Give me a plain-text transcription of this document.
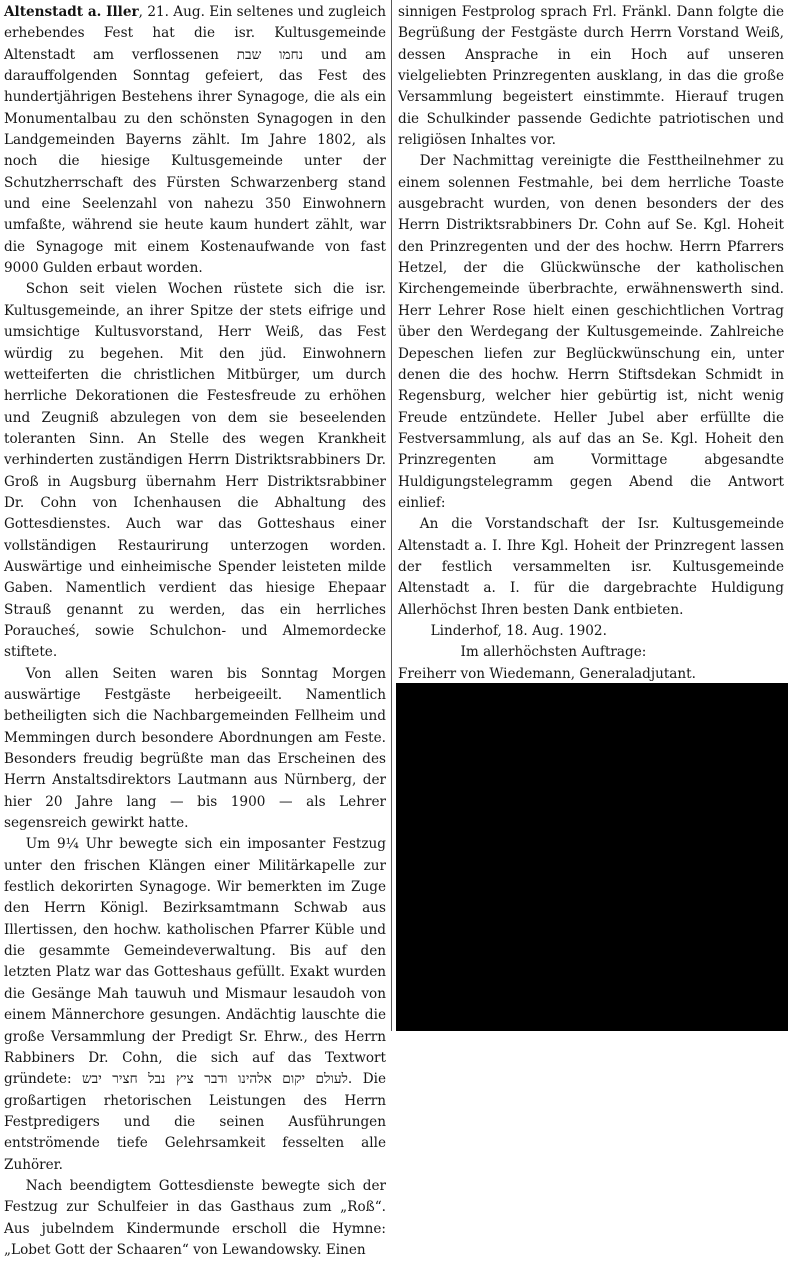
Altenstadt a. Iller, 21. Aug. Ein seltenes und zugleich erhebendes Fest hat die isr. Kultusgemeinde Altenstadt am verflossenen נחמו שבת und am darauffolgenden Sonntag gefeiert, das Fest des hundertjährigen Bestehens ihrer Synagoge, die als ein Monumentalbau zu den schönsten Synagogen in den Landgemeinden Bayerns zählt. Im Jahre 1802, als noch die hiesige Kultusgemeinde unter der Schutzherrschaft des Fürsten Schwarzenberg stand und eine Seelenzahl von nahezu 350 Einwohnern umfaßte, während sie heute kaum hundert zählt, war die Synagoge mit einem Kostenaufwande von fast 9000 Gulden erbaut worden.

Schon seit vielen Wochen rüstete sich die isr. Kultusgemeinde, an ihrer Spitze der stets eifrige und umsichtige Kultusvorstand, Herr Weiß, das Fest würdig zu begehen. Mit den jüd. Einwohnern wetteiferten die christlichen Mitbürger, um durch herrliche Dekorationen die Festesfreude zu erhöhen und Zeugniß abzulegen von dem sie beseelenden toleranten Sinn. An Stelle des wegen Krankheit verhinderten zuständigen Herrn Distriktsrabbiners Dr. Groß in Augsburg übernahm Herr Distriktsrabbiner Dr. Cohn von Ichenhausen die Abhaltung des Gottesdienstes. Auch war das Gotteshaus einer vollständigen Restaurirung unterzogen worden. Auswärtige und einheimische Spender leisteten milde Gaben. Namentlich verdient das hiesige Ehepaar Strauß genannt zu werden, das ein herrliches Poraucheś, sowie Schulchon- und Almemordecke stiftete.

Von allen Seiten waren bis Sonntag Morgen auswärtige Festgäste herbeigeeilt. Namentlich betheiligten sich die Nachbargemeinden Fellheim und Memmingen durch besondere Abordnungen am Feste. Besonders freudig begrüßte man das Erscheinen des Herrn Anstaltsdirektors Lautmann aus Nürnberg, der hier 20 Jahre lang — bis 1900 — als Lehrer segensreich gewirkt hatte.

Um 9¼ Uhr bewegte sich ein imposanter Festzug unter den frischen Klängen einer Militärkapelle zur festlich dekorirten Synagoge. Wir bemerkten im Zuge den Herrn Königl. Bezirksamtmann Schwab aus Illertissen, den hochw. katholischen Pfarrer Küble und die gesammte Gemeindeverwaltung. Bis auf den letzten Platz war das Gotteshaus gefüllt. Exakt wurden die Gesänge Mah tauwuh und Mismaur lesaudoh von einem Männerchore gesungen. Andächtig lauschte die große Versammlung der Predigt Sr. Ehrw., des Herrn Rabbiners Dr. Cohn, die sich auf das Textwort gründete: לעולם יקום אלהינו ודבר ציץ נבל חציר יבש. Die großartigen rhetorischen Leistungen des Herrn Festpredigers und die seinen Ausführungen entströmende tiefe Gelehrsamkeit fesselten alle Zuhörer.

Nach beendigtem Gottesdienste bewegte sich der Festzug zur Schulfeier in das Gasthaus zum „Roß“. Aus jubelndem Kindermunde erscholl die Hymne: „Lobet Gott der Schaaren“ von Lewandowsky. Einen

sinnigen Festprolog sprach Frl. Fränkl. Dann folgte die Begrüßung der Festgäste durch Herrn Vorstand Weiß, dessen Ansprache in ein Hoch auf unseren vielgeliebten Prinzregenten ausklang, in das die große Versammlung begeistert einstimmte. Hierauf trugen die Schulkinder passende Gedichte patriotischen und religiösen Inhaltes vor.

Der Nachmittag vereinigte die Festtheilnehmer zu einem solennen Festmahle, bei dem herrliche Toaste ausgebracht wurden, von denen besonders der des Herrn Distriktsrabbiners Dr. Cohn auf Se. Kgl. Hoheit den Prinzregenten und der des hochw. Herrn Pfarrers Hetzel, der die Glückwünsche der katholischen Kirchengemeinde überbrachte, erwähnenswerth sind. Herr Lehrer Rose hielt einen geschichtlichen Vortrag über den Werdegang der Kultusgemeinde. Zahlreiche Depeschen liefen zur Beglückwünschung ein, unter denen die des hochw. Herrn Stiftsdekan Schmidt in Regensburg, welcher hier gebürtig ist, nicht wenig Freude entzündete. Heller Jubel aber erfüllte die Festversammlung, als auf das an Se. Kgl. Hoheit den Prinzregenten am Vormittage abgesandte Huldigungstelegramm gegen Abend die Antwort einlief:

An die Vorstandschaft der Isr. Kultusgemeinde Altenstadt a. I. Ihre Kgl. Hoheit der Prinzregent lassen der festlich versammelten isr. Kultusgemeinde Altenstadt a. I. für die dargebrachte Huldigung Allerhöchst Ihren besten Dank entbieten.

Linderhof, 18. Aug. 1902.

Im allerhöchsten Auftrage:

Freiherr von Wiedemann, Generaladjutant.
